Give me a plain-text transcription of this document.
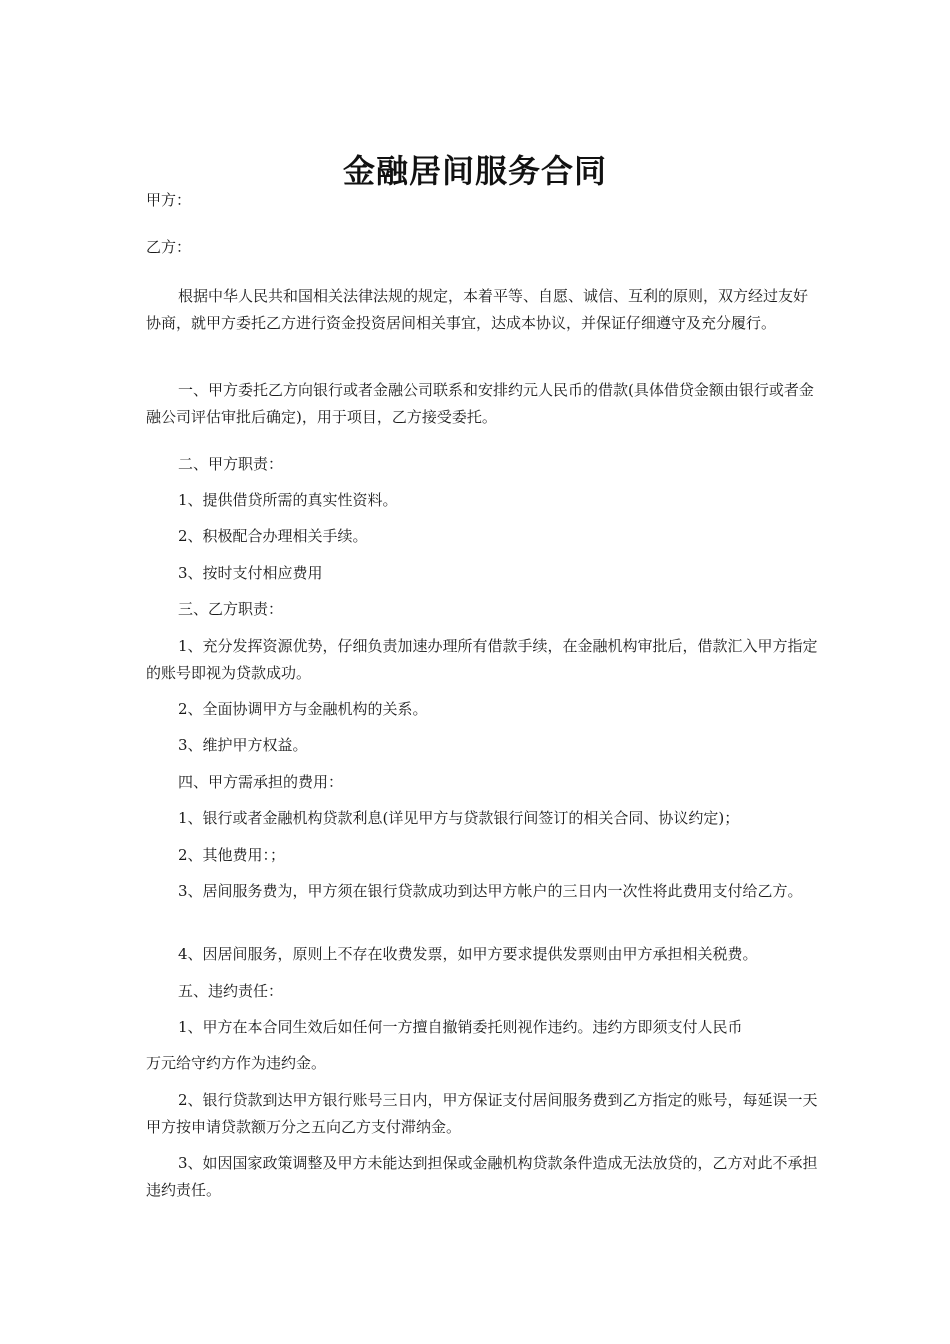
金融居间服务合同

甲方：

乙方：

根据中华人民共和国相关法律法规的规定，本着平等、自愿、诚信、互利的原则，双方经过友好协商，就甲方委托乙方进行资金投资居间相关事宜，达成本协议，并保证仔细遵守及充分履行。

一、甲方委托乙方向银行或者金融公司联系和安排约元人民币的借款(具体借贷金额由银行或者金融公司评估审批后确定)，用于项目，乙方接受委托。

二、甲方职责：

1、提供借贷所需的真实性资料。

2、积极配合办理相关手续。

3、按时支付相应费用

三、乙方职责：

1、充分发挥资源优势，仔细负责加速办理所有借款手续，在金融机构审批后，借款汇入甲方指定的账号即视为贷款成功。

2、全面协调甲方与金融机构的关系。

3、维护甲方权益。

四、甲方需承担的费用：

1、银行或者金融机构贷款利息(详见甲方与贷款银行间签订的相关合同、协议约定)；

2、其他费用：；

3、居间服务费为，甲方须在银行贷款成功到达甲方帐户的三日内一次性将此费用支付给乙方。

4、因居间服务，原则上不存在收费发票，如甲方要求提供发票则由甲方承担相关税费。

五、违约责任：

1、甲方在本合同生效后如任何一方擅自撤销委托则视作违约。违约方即须支付人民币

万元给守约方作为违约金。

2、银行贷款到达甲方银行账号三日内，甲方保证支付居间服务费到乙方指定的账号，每延误一天甲方按申请贷款额万分之五向乙方支付滞纳金。

3、如因国家政策调整及甲方未能达到担保或金融机构贷款条件造成无法放贷的，乙方对此不承担违约责任。
